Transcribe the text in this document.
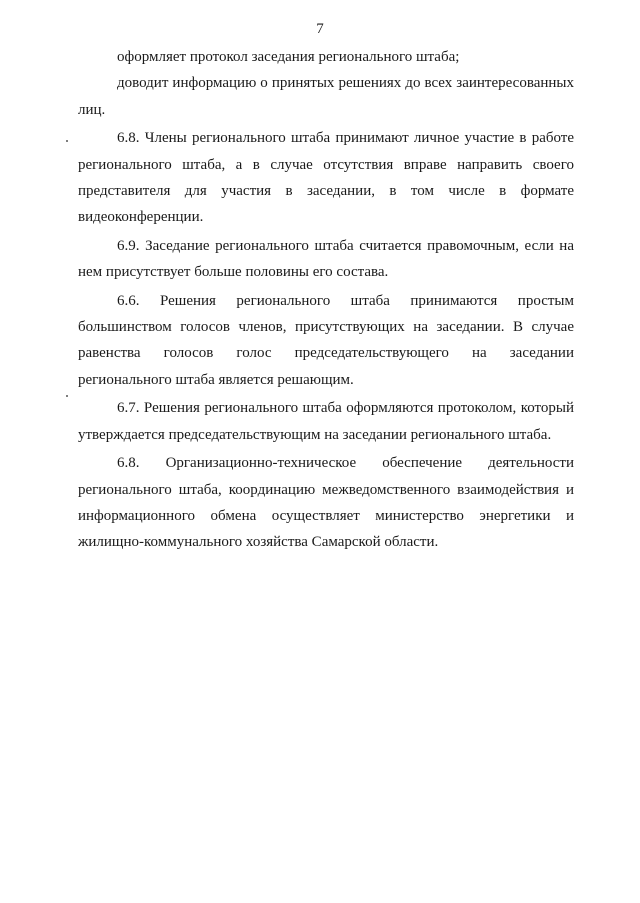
7

оформляет протокол заседания регионального штаба;

доводит информацию о принятых решениях до всех заинтересованных лиц.

6.8. Члены регионального штаба принимают личное участие в работе регионального штаба, а в случае отсутствия вправе направить своего представителя для участия в заседании, в том числе в формате видеоконференции.

6.9. Заседание регионального штаба считается правомочным, если на нем присутствует больше половины его состава.

6.6. Решения регионального штаба принимаются простым большинством голосов членов, присутствующих на заседании. В случае равенства голосов голос председательствующего на заседании регионального штаба является решающим.

6.7. Решения регионального штаба оформляются протоколом, который утверждается председательствующим на заседании регионального штаба.

6.8. Организационно-техническое обеспечение деятельности регионального штаба, координацию межведомственного взаимодействия и информационного обмена осуществляет министерство энергетики и жилищно-коммунального хозяйства Самарской области.
